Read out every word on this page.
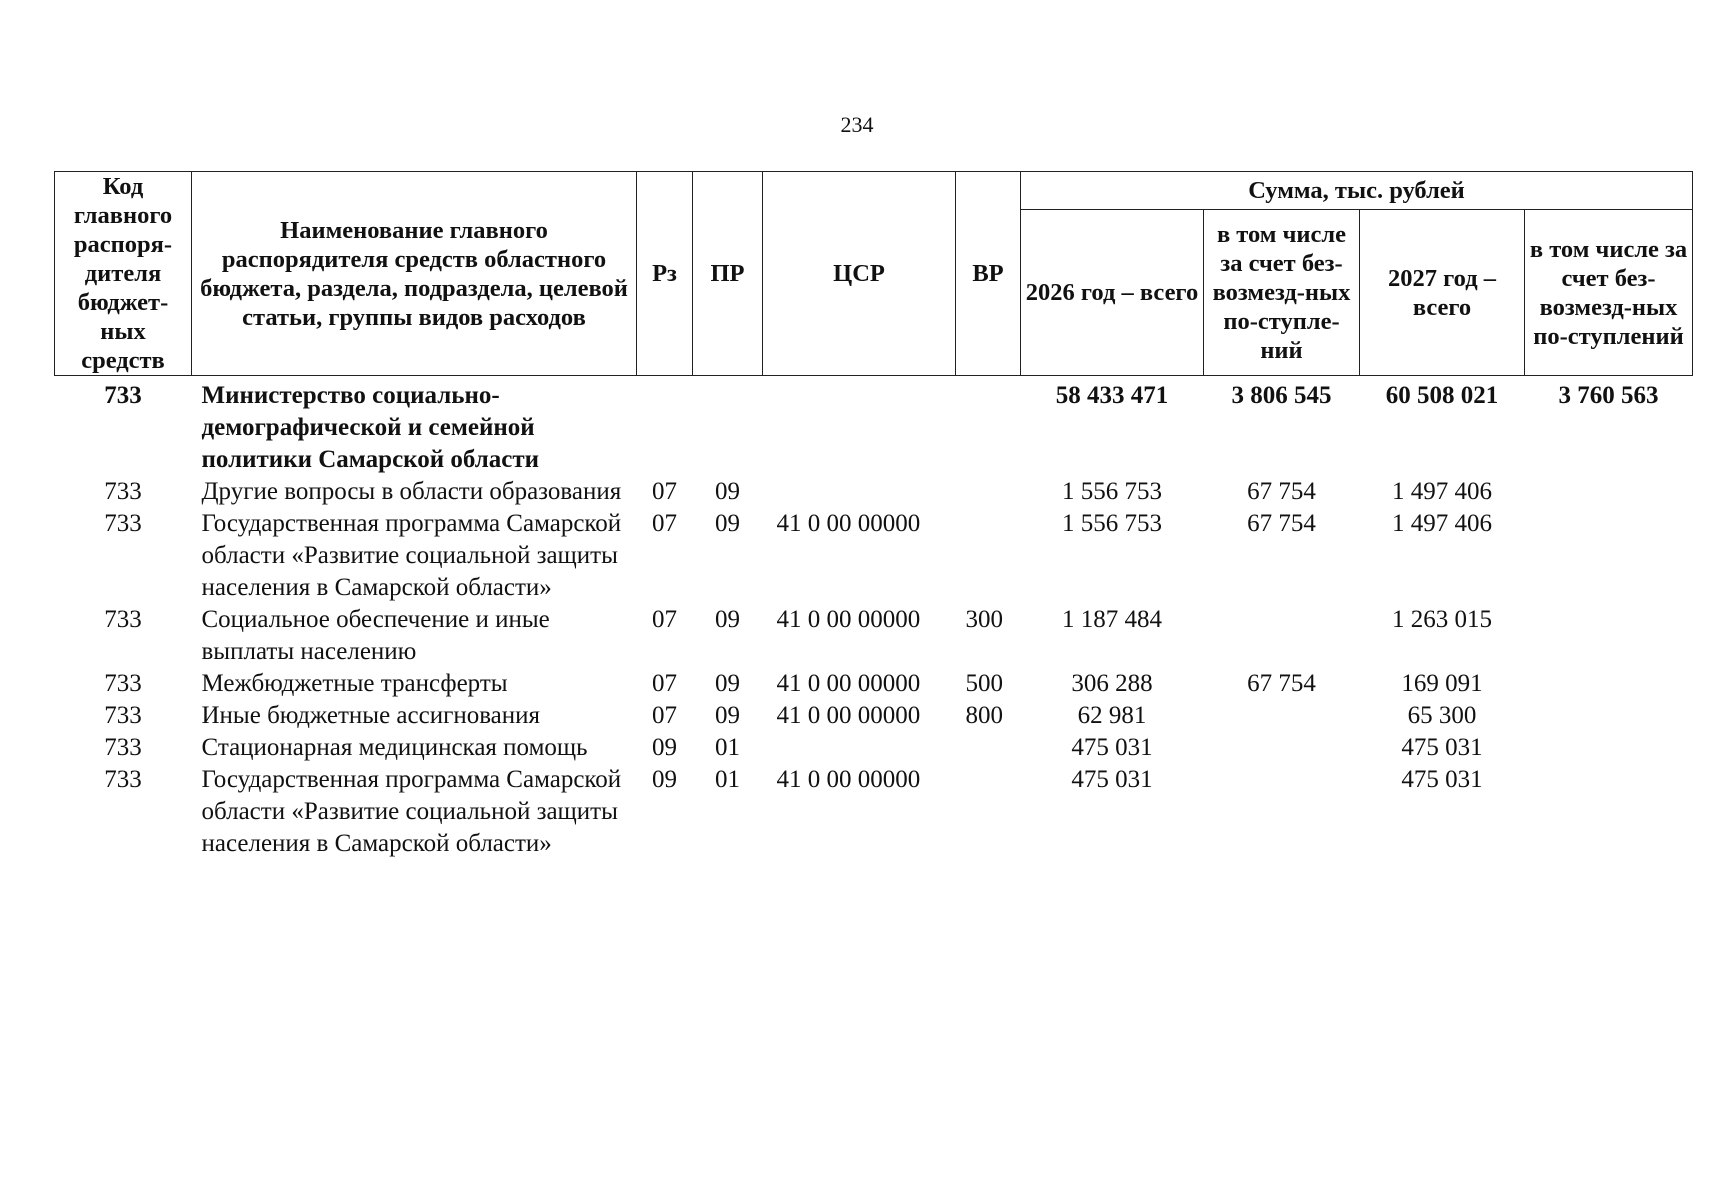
234
Код главного распоря-дителя бюджет-ных средств	Наименование главного распорядителя средств областного бюджета, раздела, подраздела, целевой статьи, группы видов расходов	Рз	ПР	ЦСР	ВР	Сумма, тыс. рублей			
						2026 год – всего	в том числе за счет без-возмезд-ных по-ступле-ний	2027 год – всего	в том числе за счет без-возмезд-ных по-ступлений
733	Министерство социально-демографической и семейной политики Самарской области					58 433 471	3 806 545	60 508 021	3 760 563
733	Другие вопросы в области образования	07	09			1 556 753	67 754	1 497 406	
733	Государственная программа Самарской области «Развитие социальной защиты населения в Самарской области»	07	09	41 0 00 00000		1 556 753	67 754	1 497 406	
733	Социальное обеспечение и иные выплаты населению	07	09	41 0 00 00000	300	1 187 484		1 263 015	
733	Межбюджетные трансферты	07	09	41 0 00 00000	500	306 288	67 754	169 091	
733	Иные бюджетные ассигнования	07	09	41 0 00 00000	800	62 981		65 300	
733	Стационарная медицинская помощь	09	01			475 031		475 031	
733	Государственная программа Самарской области «Развитие социальной защиты населения в Самарской области»	09	01	41 0 00 00000		475 031		475 031	
